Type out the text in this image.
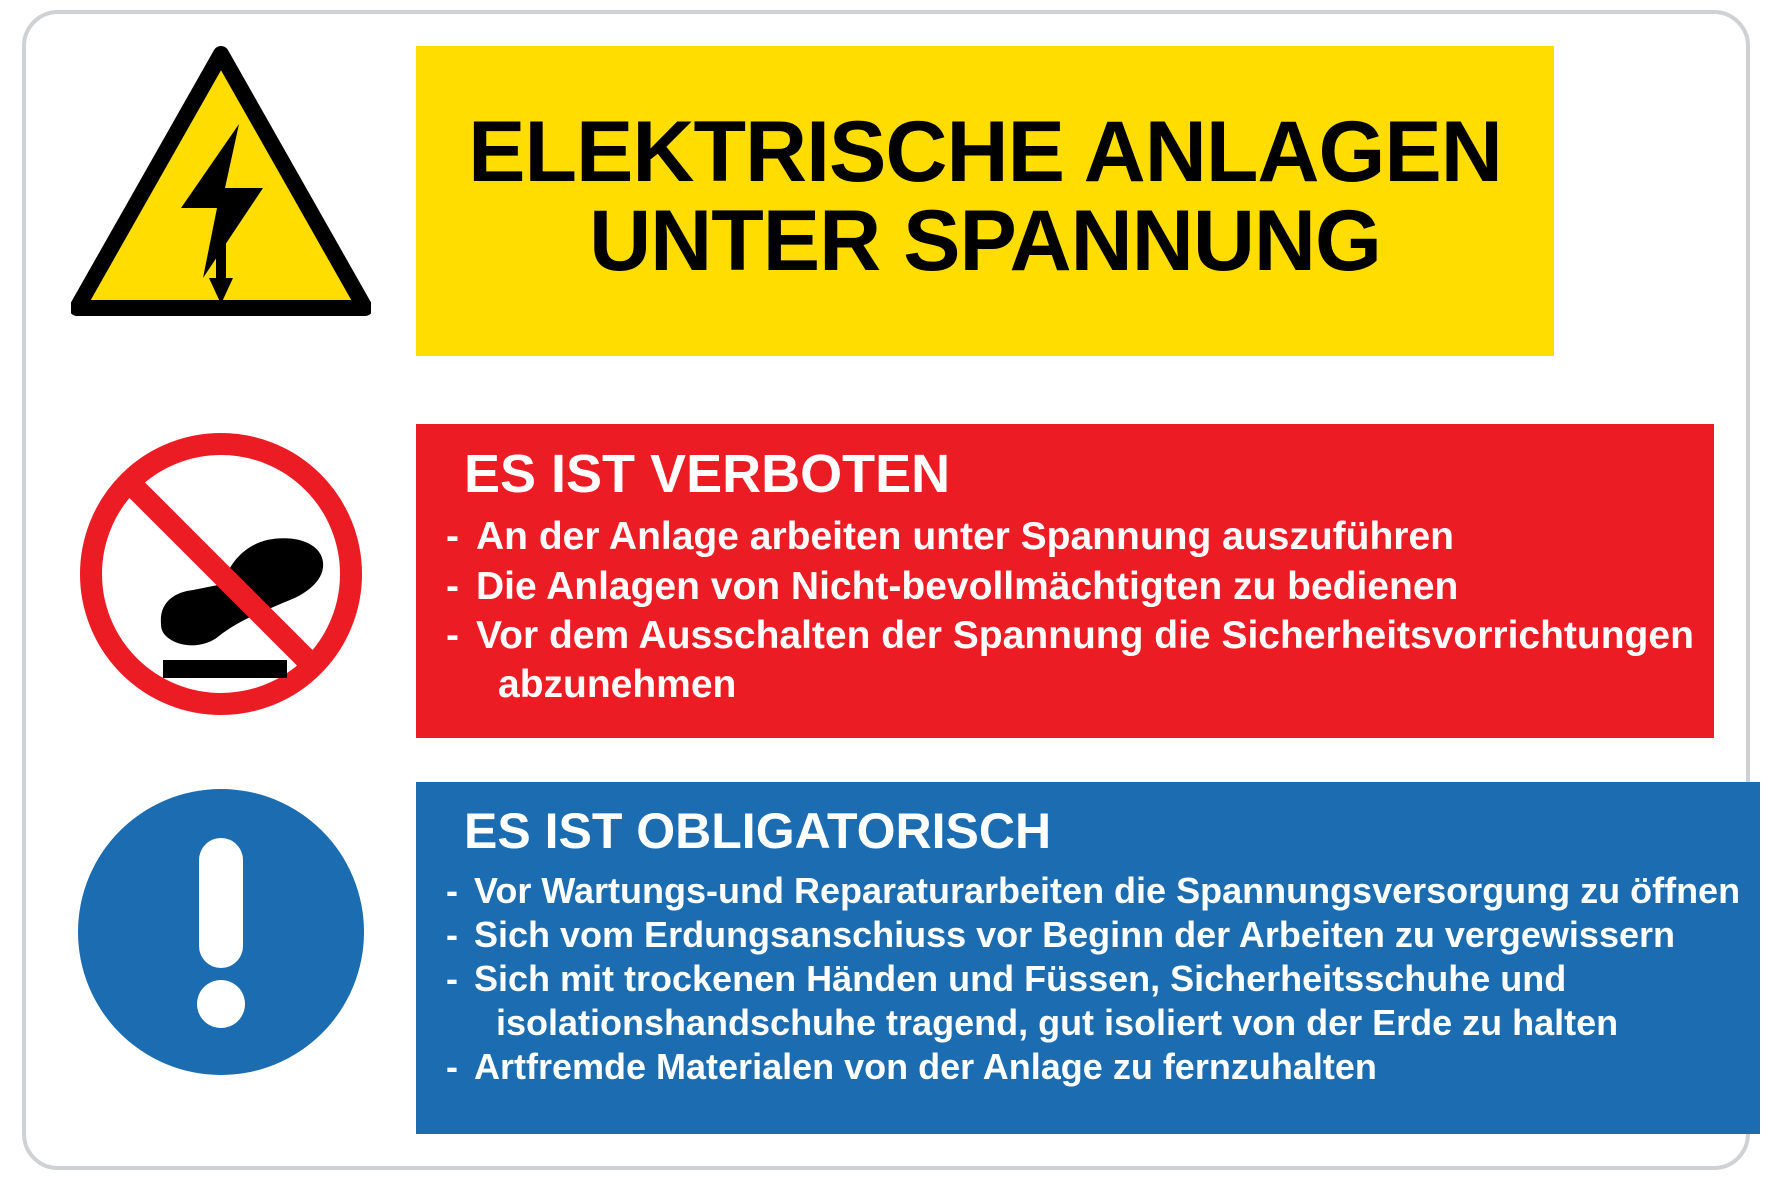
ELEKTRISCHE ANLAGEN
UNTER SPANNUNG
ES IST VERBOTEN
- An der Anlage arbeiten unter Spannung auszuführen
- Die Anlagen von Nicht-bevollmächtigten zu bedienen
- Vor dem Ausschalten der Spannung die Sicherheitsvorrichtungen
abzunehmen
ES IST OBLIGATORISCH
- Vor Wartungs-und Reparaturarbeiten die Spannungsversorgung zu öffnen
- Sich vom Erdungsanschiuss vor Beginn der Arbeiten zu vergewissern
- Sich mit trockenen Händen und Füssen, Sicherheitsschuhe und
isolationshandschuhe tragend, gut isoliert von der Erde zu halten
- Artfremde Materialen von der Anlage zu fernzuhalten
